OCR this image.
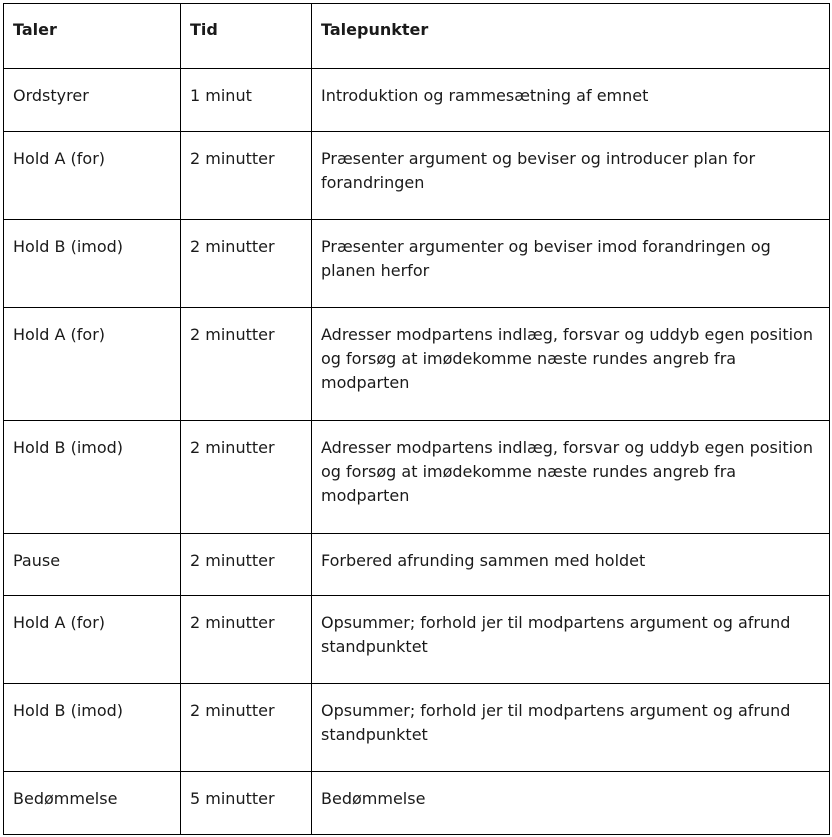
Taler	Tid	Talepunkter
Ordstyrer	1 minut	Introduktion og rammesætning af emnet
Hold A (for)	2 minutter	Præsenter argument og beviser og introducer plan for forandringen
Hold B (imod)	2 minutter	Præsenter argumenter og beviser imod forandringen og planen herfor
Hold A (for)	2 minutter	Adresser modpartens indlæg, forsvar og uddyb egen position og forsøg at imødekomme næste rundes angreb fra modparten
Hold B (imod)	2 minutter	Adresser modpartens indlæg, forsvar og uddyb egen position og forsøg at imødekomme næste rundes angreb fra modparten
Pause	2 minutter	Forbered afrunding sammen med holdet
Hold A (for)	2 minutter	Opsummer; forhold jer til modpartens argument og afrund standpunktet
Hold B (imod)	2 minutter	Opsummer; forhold jer til modpartens argument og afrund standpunktet
Bedømmelse	5 minutter	Bedømmelse
